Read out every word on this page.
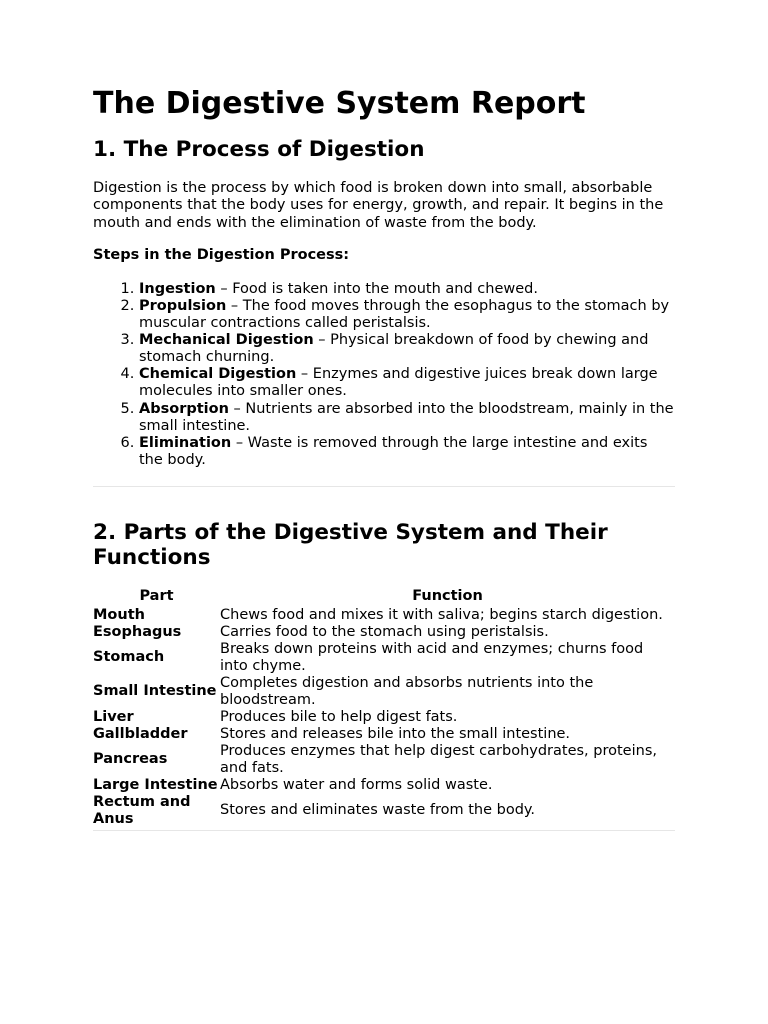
The Digestive System Report
1. The Process of Digestion

Digestion is the process by which food is broken down into small, absorbable components that the body uses for energy, growth, and repair. It begins in the mouth and ends with the elimination of waste from the body.

Steps in the Digestion Process:

1. Ingestion – Food is taken into the mouth and chewed.
2. Propulsion – The food moves through the esophagus to the stomach by muscular contractions called peristalsis.
3. Mechanical Digestion – Physical breakdown of food by chewing and stomach churning.
4. Chemical Digestion – Enzymes and digestive juices break down large molecules into smaller ones.
5. Absorption – Nutrients are absorbed into the bloodstream, mainly in the small intestine.
6. Elimination – Waste is removed through the large intestine and exits the body.
2. Parts of the Digestive System and Their Functions
Part	Function
Mouth	Chews food and mixes it with saliva; begins starch digestion.
Esophagus	Carries food to the stomach using peristalsis.
Stomach	Breaks down proteins with acid and enzymes; churns food into chyme.
Small Intestine	Completes digestion and absorbs nutrients into the bloodstream.
Liver	Produces bile to help digest fats.
Gallbladder	Stores and releases bile into the small intestine.
Pancreas	Produces enzymes that help digest carbohydrates, proteins, and fats.
Large Intestine	Absorbs water and forms solid waste.
Rectum and Anus	Stores and eliminates waste from the body.
